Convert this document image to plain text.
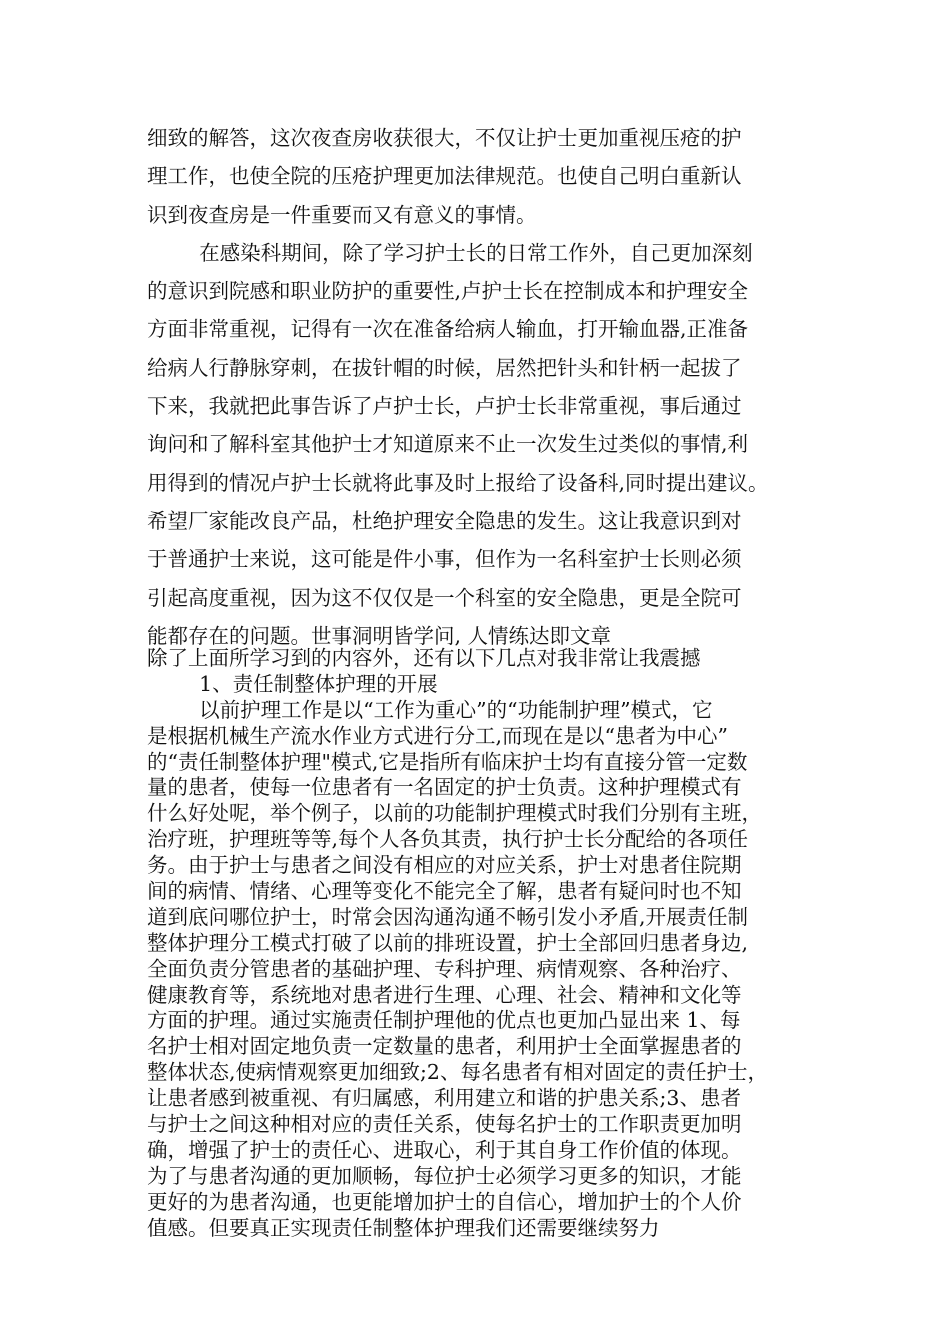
细致的解答，这次夜查房收获很大，不仅让护士更加重视压疮的护
理工作，也使全院的压疮护理更加法律规范。也使自己明白重新认
识到夜查房是一件重要而又有意义的事情。
在感染科期间，除了学习护士长的日常工作外，自己更加深刻
的意识到院感和职业防护的重要性,卢护士长在控制成本和护理安全
方面非常重视，记得有一次在准备给病人输血，打开输血器,正准备
给病人行静脉穿刺，在拔针帽的时候，居然把针头和针柄一起拔了
下来，我就把此事告诉了卢护士长，卢护士长非常重视，事后通过
询问和了解科室其他护士才知道原来不止一次发生过类似的事情,利
用得到的情况卢护士长就将此事及时上报给了设备科,同时提出建议。
希望厂家能改良产品，杜绝护理安全隐患的发生。这让我意识到对
于普通护士来说，这可能是件小事，但作为一名科室护士长则必须
引起高度重视，因为这不仅仅是一个科室的安全隐患，更是全院可
能都存在的问题。世事洞明皆学问, 人情练达即文章
除了上面所学习到的内容外，还有以下几点对我非常让我震撼
1、责任制整体护理的开展
以前护理工作是以“工作为重心”的“功能制护理”模式，它
是根据机械生产流水作业方式进行分工,而现在是以“患者为中心”
的“责任制整体护理"模式,它是指所有临床护士均有直接分管一定数
量的患者，使每一位患者有一名固定的护士负责。这种护理模式有
什么好处呢，举个例子，以前的功能制护理模式时我们分别有主班，
治疗班，护理班等等,每个人各负其责，执行护士长分配给的各项任
务。由于护士与患者之间没有相应的对应关系，护士对患者住院期
间的病情、情绪、心理等变化不能完全了解，患者有疑问时也不知
道到底问哪位护士，时常会因沟通沟通不畅引发小矛盾,开展责任制
整体护理分工模式打破了以前的排班设置，护士全部回归患者身边,
全面负责分管患者的基础护理、专科护理、病情观察、各种治疗、
健康教育等，系统地对患者进行生理、心理、社会、精神和文化等
方面的护理。通过实施责任制护理他的优点也更加凸显出来 1、每
名护士相对固定地负责一定数量的患者，利用护士全面掌握患者的
整体状态,使病情观察更加细致;2、每名患者有相对固定的责任护士，
让患者感到被重视、有归属感，利用建立和谐的护患关系;3、患者
与护士之间这种相对应的责任关系，使每名护士的工作职责更加明
确，增强了护士的责任心、进取心，利于其自身工作价值的体现。
为了与患者沟通的更加顺畅，每位护士必须学习更多的知识，才能
更好的为患者沟通，也更能增加护士的自信心，增加护士的个人价
值感。但要真正实现责任制整体护理我们还需要继续努力
